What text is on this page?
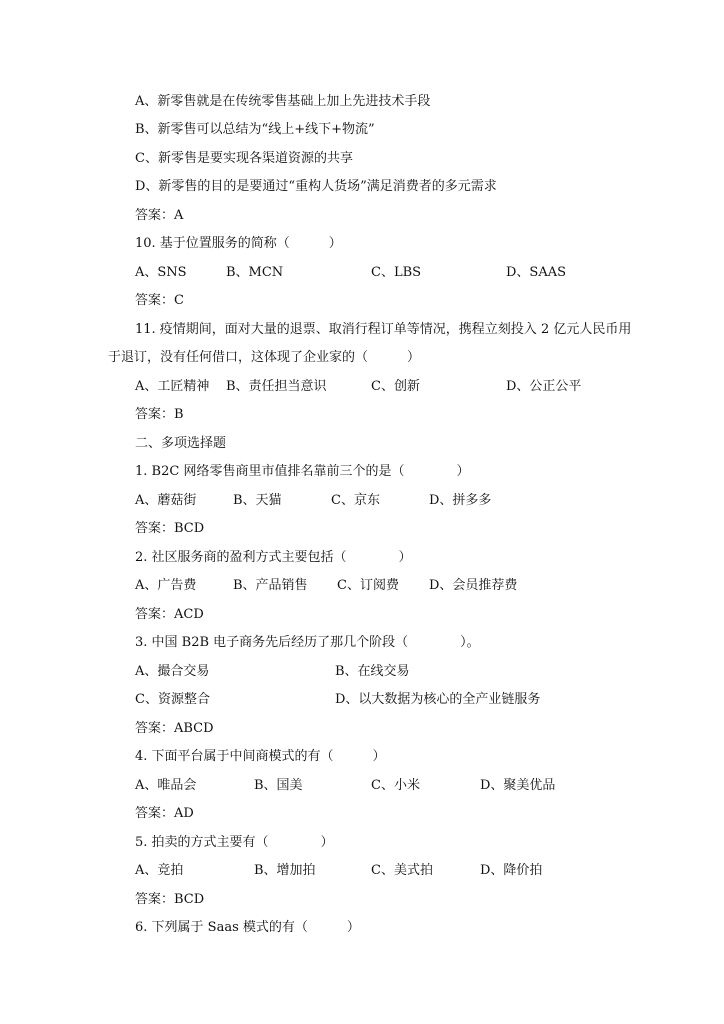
A、新零售就是在传统零售基础上加上先进技术手段
B、新零售可以总结为“线上+线下+物流”
C、新零售是要实现各渠道资源的共享
D、新零售的目的是要通过“重构人货场”满足消费者的多元需求
答案：A
10. 基于位置服务的简称（　　　）
A、SNS	B、MCN	C、LBS	D、SAAS
答案：C
11. 疫情期间，面对大量的退票、取消行程订单等情况，携程立刻投入 2 亿元人民币用
于退订，没有任何借口，这体现了企业家的（　　　）
A、工匠精神 B、责任担当意识	C、创新	D、公正公平
答案：B
二、多项选择题
1. B2C 网络零售商里市值排名靠前三个的是（　　　　）
A、蘑菇街	B、天猫	C、京东	D、拼多多
答案：BCD
2. 社区服务商的盈利方式主要包括（　　　　）
A、广告费	B、产品销售 C、订阅费 D、会员推荐费
答案：ACD
3. 中国 B2B 电子商务先后经历了那几个阶段（　　　　）。
A、撮合交易	B、在线交易
C、资源整合	D、以大数据为核心的全产业链服务
答案：ABCD
4. 下面平台属于中间商模式的有（　　　）
A、唯品会	B、国美	C、小米	D、聚美优品
答案：AD
5. 拍卖的方式主要有（　　　　）
A、竞拍	B、增加拍	C、美式拍	D、降价拍
答案：BCD
6. 下列属于 Saas 模式的有（　　　）
